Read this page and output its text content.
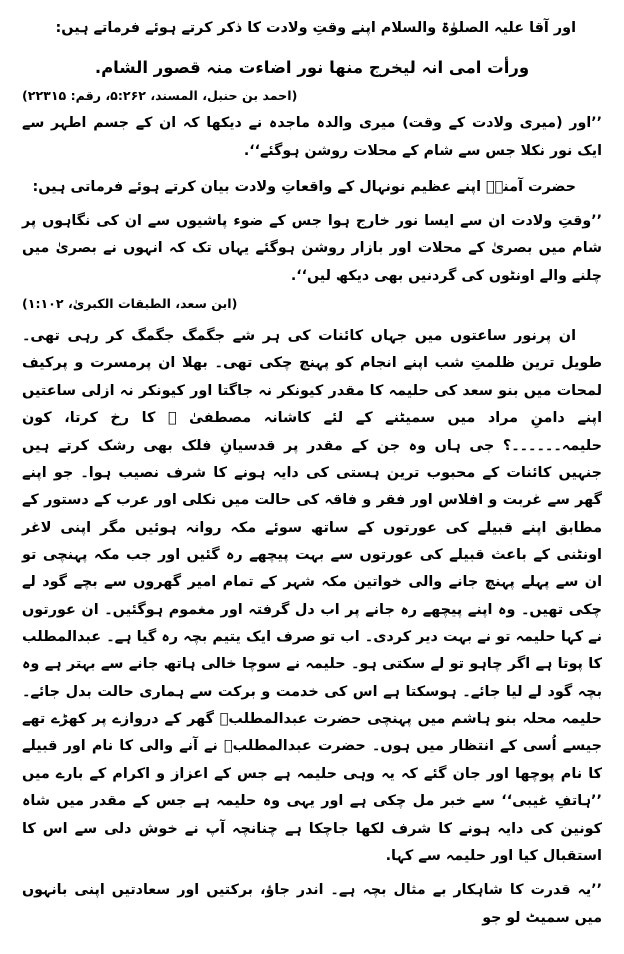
اور آقا علیہ الصلوٰۃ والسلام اپنے وقتِ ولادت کا ذکر کرتے ہوئے فرماتے ہیں:

ورأت امی انہ لیخرج منھا نور اضاءت منہ قصور الشام.

(احمد بن حنبل، المسند، ۵:۲۶۲، رقم: ۲۲۳۱۵)

’’اور (میری ولادت کے وقت) میری والدہ ماجدہ نے دیکھا کہ ان کے جسم اطہر سے ایک نور نکلا جس سے شام کے محلات روشن ہوگئے‘‘.

حضرت آمنہؓ اپنے عظیم نونہال کے واقعاتِ ولادت بیان کرتے ہوئے فرماتی ہیں:

’’وقتِ ولادت ان سے ایسا نور خارج ہوا جس کے ضوء پاشیوں سے ان کی نگاہوں پر شام میں بصریٰ کے محلات اور بازار روشن ہوگئے یہاں تک کہ انہوں نے بصریٰ میں چلنے والے اونٹوں کی گردنیں بھی دیکھ لیں‘‘.

(ابن سعد، الطبقات الکبریٰ، ۱:۱۰۲)

ان پرنور ساعتوں میں جہاں کائنات کی ہر شے جگمگ جگمگ کر رہی تھی۔ طویل ترین ظلمتِ شب اپنے انجام کو پہنچ چکی تھی۔ بھلا ان پرمسرت و پرکیف لمحات میں بنو سعد کی حلیمہ کا مقدر کیونکر نہ جاگتا اور کیونکر نہ ازلی ساعتیں اپنے دامنِ مراد میں سمیٹنے کے لئے کاشانہ مصطفیٰ ﷺ کا رخ کرتا، کون حلیمہ۔۔۔۔۔۔؟ جی ہاں وہ جن کے مقدر پر قدسیانِ فلک بھی رشک کرتے ہیں جنہیں کائنات کے محبوب ترین ہستی کی دایہ ہونے کا شرف نصیب ہوا۔ جو اپنے گھر سے غربت و افلاس اور فقر و فاقہ کی حالت میں نکلی اور عرب کے دستور کے مطابق اپنے قبیلے کی عورتوں کے ساتھ سوئے مکہ روانہ ہوئیں مگر اپنی لاغر اونٹنی کے باعث قبیلے کی عورتوں سے بہت پیچھے رہ گئیں اور جب مکہ پہنچی تو ان سے پہلے پہنچ جانے والی خواتین مکہ شہر کے تمام امیر گھروں سے بچے گود لے چکی تھیں۔ وہ اپنے پیچھے رہ جانے پر اب دل گرفتہ اور مغموم ہوگئیں۔ ان عورتوں نے کہا حلیمہ تو نے بہت دیر کردی۔ اب تو صرف ایک یتیم بچہ رہ گیا ہے۔ عبدالمطلب کا پوتا ہے اگر چاہو تو لے سکتی ہو۔ حلیمہ نے سوچا خالی ہاتھ جانے سے بہتر ہے وہ بچہ گود لے لیا جائے۔ ہوسکتا ہے اس کی خدمت و برکت سے ہماری حالت بدل جائے۔ حلیمہ محلہ بنو ہاشم میں پہنچی حضرت عبدالمطلبؓ گھر کے دروازے پر کھڑے تھے جیسے اُسی کے انتظار میں ہوں۔ حضرت عبدالمطلبؓ نے آنے والی کا نام اور قبیلے کا نام پوچھا اور جان گئے کہ یہ وہی حلیمہ ہے جس کے اعزاز و اکرام کے بارے میں ’’ہاتفِ غیبی‘‘ سے خبر مل چکی ہے اور یہی وہ حلیمہ ہے جس کے مقدر میں شاہ کونین کی دایہ ہونے کا شرف لکھا جاچکا ہے چنانچہ آپ نے خوش دلی سے اس کا استقبال کیا اور حلیمہ سے کہا.

’’یہ قدرت کا شاہکار بے مثال بچہ ہے۔ اندر جاؤ، برکتیں اور سعادتیں اپنی بانہوں میں سمیٹ لو جو
